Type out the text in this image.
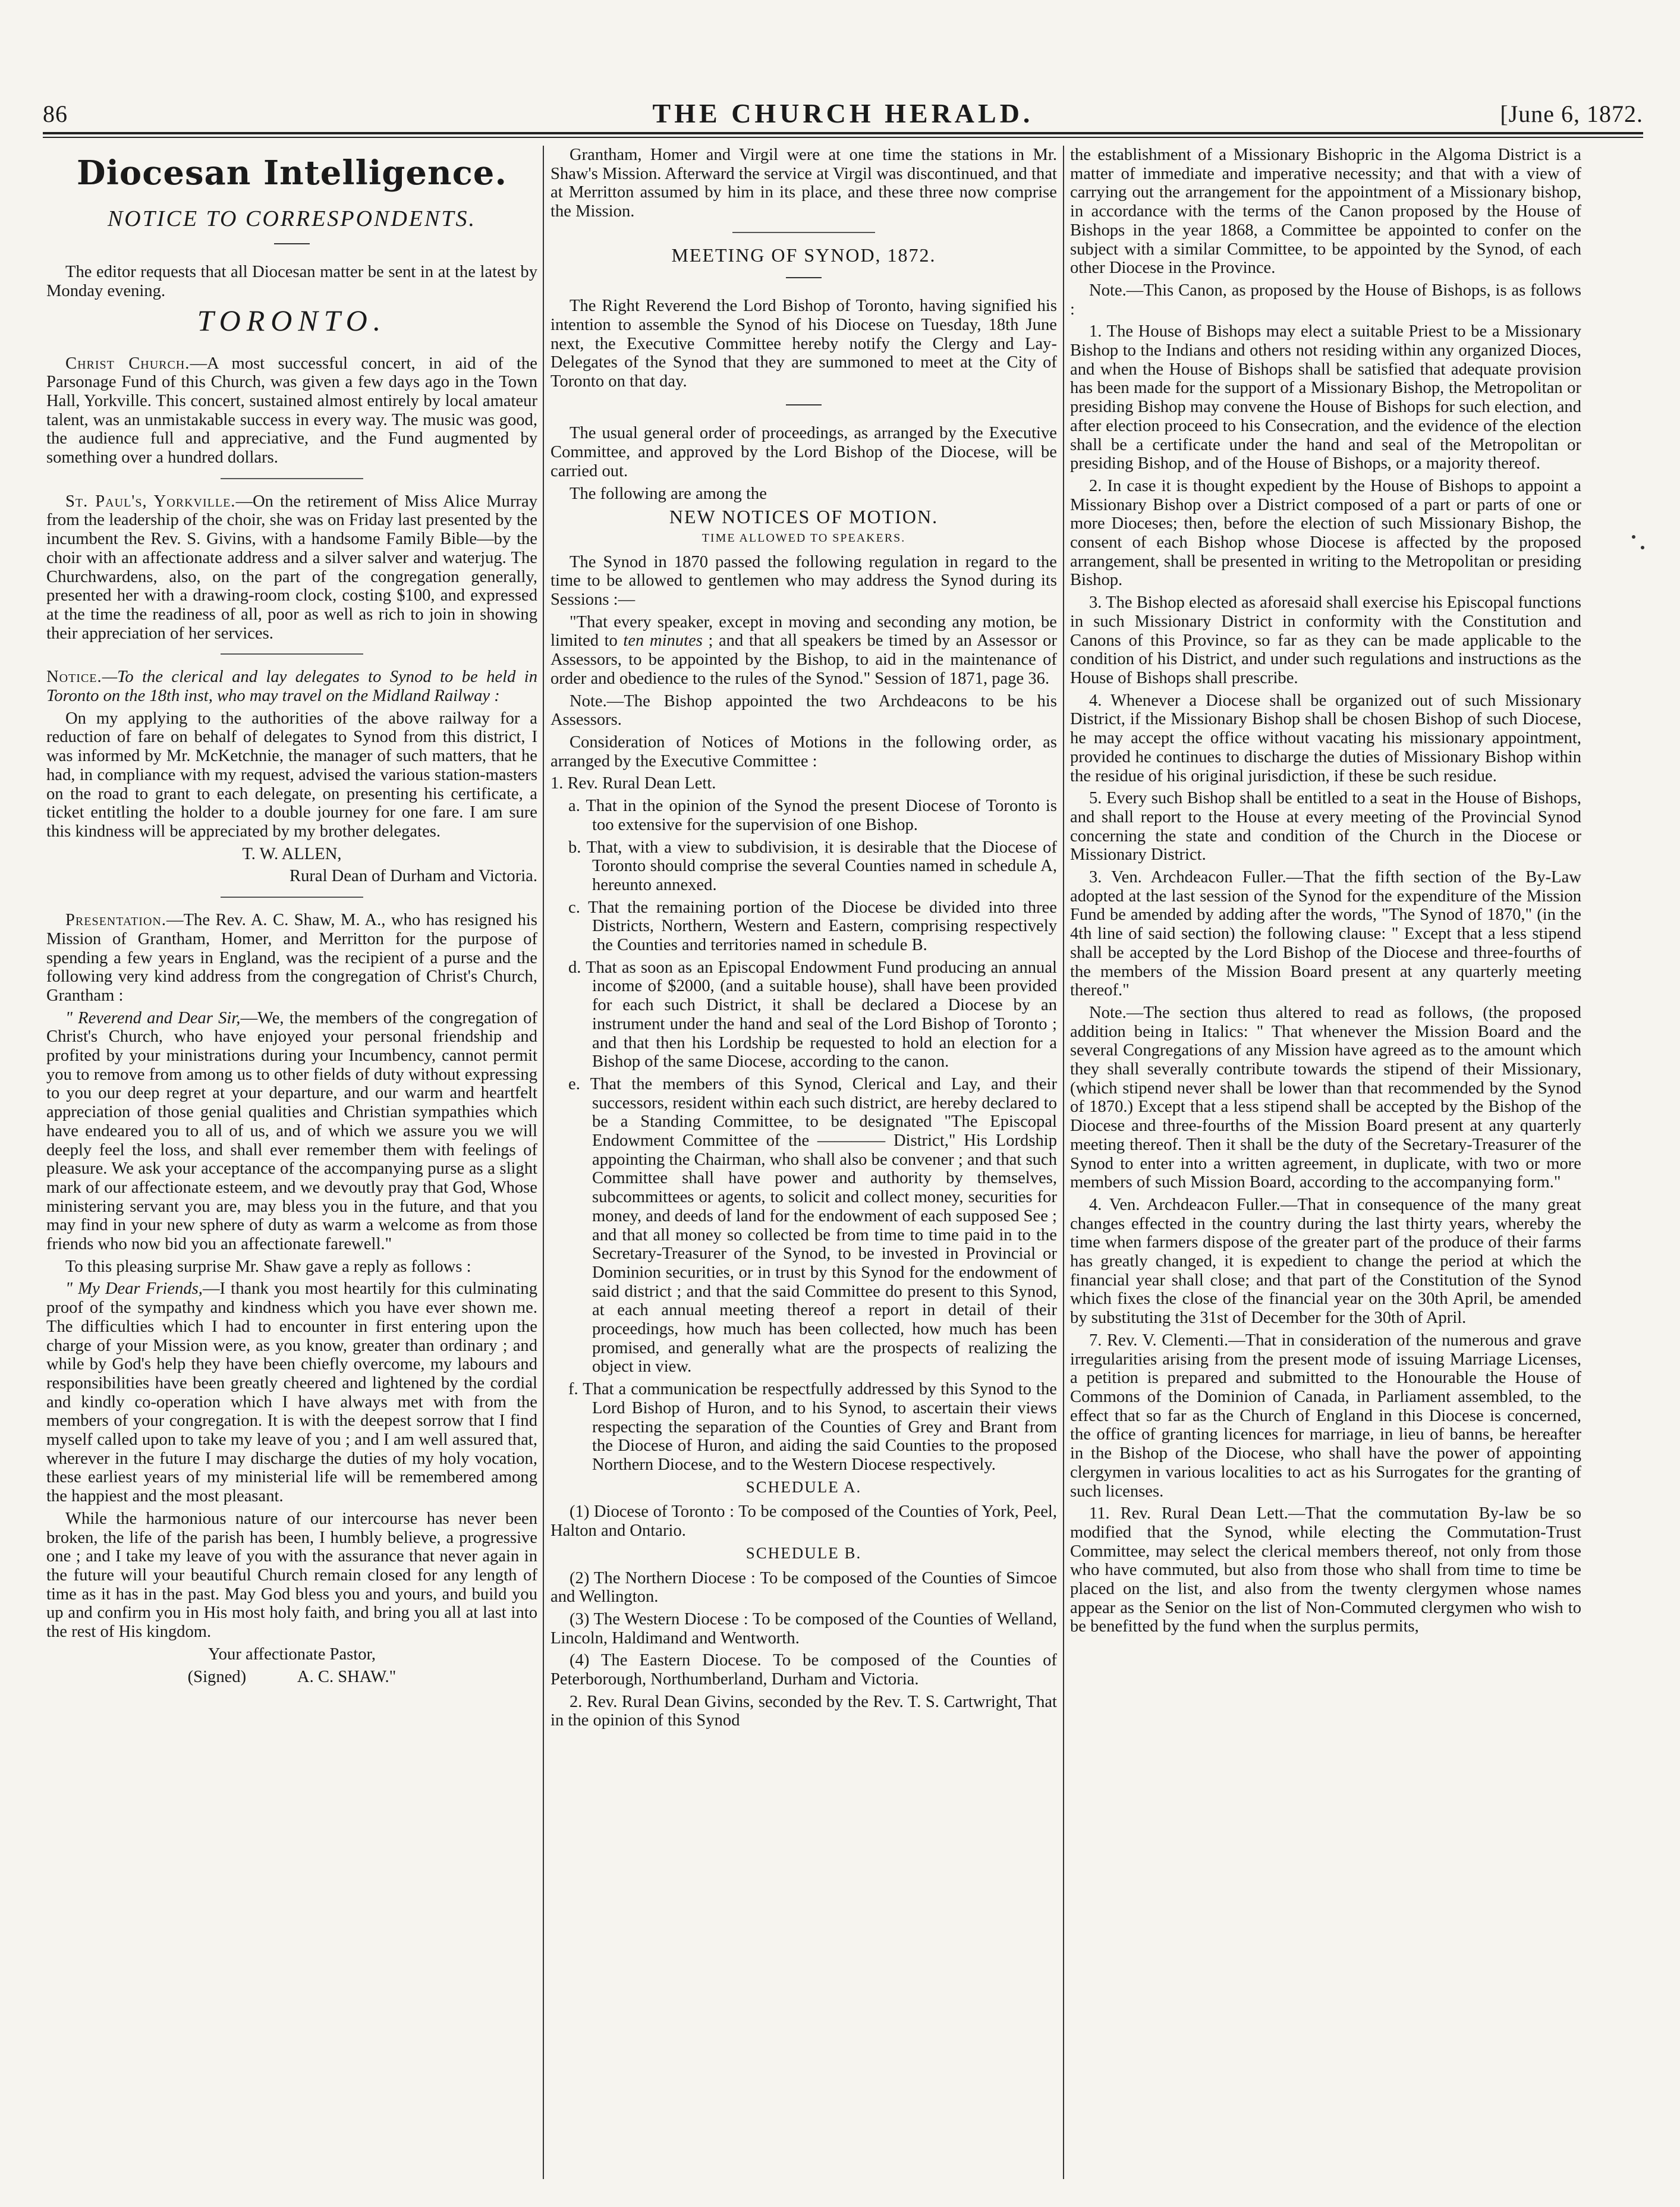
86	THE CHURCH HERALD.	[June 6, 1872.
Diocesan Intelligence.
NOTICE TO CORRESPONDENTS.

The editor requests that all Diocesan matter be sent in at the latest by Monday evening.

TORONTO.

Christ Church.—A most successful concert, in aid of the Parsonage Fund of this Church, was given a few days ago in the Town Hall, Yorkville. This concert, sustained almost entirely by local amateur talent, was an unmistakable success in every way. The music was good, the audience full and appreciative, and the Fund augmented by something over a hundred dollars.

St. Paul's, Yorkville.—On the retirement of Miss Alice Murray from the leadership of the choir, she was on Friday last presented by the incumbent the Rev. S. Givins, with a handsome Family Bible—by the choir with an affectionate address and a silver salver and waterjug. The Churchwardens, also, on the part of the congregation generally, presented her with a drawing-room clock, costing $100, and expressed at the time the readiness of all, poor as well as rich to join in showing their appreciation of her services.

Notice.—To the clerical and lay delegates to Synod to be held in Toronto on the 18th inst, who may travel on the Midland Railway :

On my applying to the authorities of the above railway for a reduction of fare on behalf of delegates to Synod from this district, I was informed by Mr. McKetchnie, the manager of such matters, that he had, in compliance with my request, advised the various station-masters on the road to grant to each delegate, on presenting his certificate, a ticket entitling the holder to a double journey for one fare. I am sure this kindness will be appreciated by my brother delegates.

T. W. ALLEN,

Rural Dean of Durham and Victoria.

Presentation.—The Rev. A. C. Shaw, M. A., who has resigned his Mission of Grantham, Homer, and Merritton for the purpose of spending a few years in England, was the recipient of a purse and the following very kind address from the congregation of Christ's Church, Grantham :

" Reverend and Dear Sir,—We, the members of the congregation of Christ's Church, who have enjoyed your personal friendship and profited by your ministrations during your Incumbency, cannot permit you to remove from among us to other fields of duty without expressing to you our deep regret at your departure, and our warm and heartfelt appreciation of those genial qualities and Christian sympathies which have endeared you to all of us, and of which we assure you we will deeply feel the loss, and shall ever remember them with feelings of pleasure. We ask your acceptance of the accompanying purse as a slight mark of our affectionate esteem, and we devoutly pray that God, Whose ministering servant you are, may bless you in the future, and that you may find in your new sphere of duty as warm a welcome as from those friends who now bid you an affectionate farewell."

To this pleasing surprise Mr. Shaw gave a reply as follows :

" My Dear Friends,—I thank you most heartily for this culminating proof of the sympathy and kindness which you have ever shown me. The difficulties which I had to encounter in first entering upon the charge of your Mission were, as you know, greater than ordinary ; and while by God's help they have been chiefly overcome, my labours and responsibilities have been greatly cheered and lightened by the cordial and kindly co-operation which I have always met with from the members of your congregation. It is with the deepest sorrow that I find myself called upon to take my leave of you ; and I am well assured that, wherever in the future I may discharge the duties of my holy vocation, these earliest years of my ministerial life will be remembered among the happiest and the most pleasant.

While the harmonious nature of our intercourse has never been broken, the life of the parish has been, I humbly believe, a progressive one ; and I take my leave of you with the assurance that never again in the future will your beautiful Church remain closed for any length of time as it has in the past. May God bless you and yours, and build you up and confirm you in His most holy faith, and bring you all at last into the rest of His kingdom.

Your affectionate Pastor,

(Signed)	A. C. SHAW."

Grantham, Homer and Virgil were at one time the stations in Mr. Shaw's Mission. Afterward the service at Virgil was discontinued, and that at Merritton assumed by him in its place, and these three now comprise the Mission.

MEETING OF SYNOD, 1872.

The Right Reverend the Lord Bishop of Toronto, having signified his intention to assemble the Synod of his Diocese on Tuesday, 18th June next, the Executive Committee hereby notify the Clergy and Lay-Delegates of the Synod that they are summoned to meet at the City of Toronto on that day.

The usual general order of proceedings, as arranged by the Executive Committee, and approved by the Lord Bishop of the Diocese, will be carried out.

The following are among the

NEW NOTICES OF MOTION.
TIME ALLOWED TO SPEAKERS.

The Synod in 1870 passed the following regulation in regard to the time to be allowed to gentlemen who may address the Synod during its Sessions :—

"That every speaker, except in moving and seconding any motion, be limited to ten minutes ; and that all speakers be timed by an Assessor or Assessors, to be appointed by the Bishop, to aid in the maintenance of order and obedience to the rules of the Synod." Session of 1871, page 36.

Note.—The Bishop appointed the two Archdeacons to be his Assessors.

Consideration of Notices of Motions in the following order, as arranged by the Executive Committee :

1. Rev. Rural Dean Lett.

a. That in the opinion of the Synod the present Diocese of Toronto is too extensive for the supervision of one Bishop.

b. That, with a view to subdivision, it is desirable that the Diocese of Toronto should comprise the several Counties named in schedule A, hereunto annexed.

c. That the remaining portion of the Diocese be divided into three Districts, Northern, Western and Eastern, comprising respectively the Counties and territories named in schedule B.

d. That as soon as an Episcopal Endowment Fund producing an annual income of $2000, (and a suitable house), shall have been provided for each such District, it shall be declared a Diocese by an instrument under the hand and seal of the Lord Bishop of Toronto ; and that then his Lordship be requested to hold an election for a Bishop of the same Diocese, according to the canon.

e. That the members of this Synod, Clerical and Lay, and their successors, resident within each such district, are hereby declared to be a Standing Committee, to be designated "The Episcopal Endowment Committee of the ———— District," His Lordship appointing the Chairman, who shall also be convener ; and that such Committee shall have power and authority by themselves, subcommittees or agents, to solicit and collect money, securities for money, and deeds of land for the endowment of each supposed See ; and that all money so collected be from time to time paid in to the Secretary-Treasurer of the Synod, to be invested in Provincial or Dominion securities, or in trust by this Synod for the endowment of said district ; and that the said Committee do present to this Synod, at each annual meeting thereof a report in detail of their proceedings, how much has been collected, how much has been promised, and generally what are the prospects of realizing the object in view.

f. That a communication be respectfully addressed by this Synod to the Lord Bishop of Huron, and to his Synod, to ascertain their views respecting the separation of the Counties of Grey and Brant from the Diocese of Huron, and aiding the said Counties to the proposed Northern Diocese, and to the Western Diocese respectively.

SCHEDULE A.

(1) Diocese of Toronto : To be composed of the Counties of York, Peel, Halton and Ontario.

SCHEDULE B.

(2) The Northern Diocese : To be composed of the Counties of Simcoe and Wellington.

(3) The Western Diocese : To be composed of the Counties of Welland, Lincoln, Haldimand and Wentworth.

(4) The Eastern Diocese. To be composed of the Counties of Peterborough, Northumberland, Durham and Victoria.

2. Rev. Rural Dean Givins, seconded by the Rev. T. S. Cartwright, That in the opinion of this Synod

the establishment of a Missionary Bishopric in the Algoma District is a matter of immediate and imperative necessity; and that with a view of carrying out the arrangement for the appointment of a Missionary bishop, in accordance with the terms of the Canon proposed by the House of Bishops in the year 1868, a Committee be appointed to confer on the subject with a similar Committee, to be appointed by the Synod, of each other Diocese in the Province.

Note.—This Canon, as proposed by the House of Bishops, is as follows :

1. The House of Bishops may elect a suitable Priest to be a Missionary Bishop to the Indians and others not residing within any organized Dioces, and when the House of Bishops shall be satisfied that adequate provision has been made for the support of a Missionary Bishop, the Metropolitan or presiding Bishop may convene the House of Bishops for such election, and after election proceed to his Consecration, and the evidence of the election shall be a certificate under the hand and seal of the Metropolitan or presiding Bishop, and of the House of Bishops, or a majority thereof.

2. In case it is thought expedient by the House of Bishops to appoint a Missionary Bishop over a District composed of a part or parts of one or more Dioceses; then, before the election of such Missionary Bishop, the consent of each Bishop whose Diocese is affected by the proposed arrangement, shall be presented in writing to the Metropolitan or presiding Bishop.

3. The Bishop elected as aforesaid shall exercise his Episcopal functions in such Missionary District in conformity with the Constitution and Canons of this Province, so far as they can be made applicable to the condition of his District, and under such regulations and instructions as the House of Bishops shall prescribe.

4. Whenever a Diocese shall be organized out of such Missionary District, if the Missionary Bishop shall be chosen Bishop of such Diocese, he may accept the office without vacating his missionary appointment, provided he continues to discharge the duties of Missionary Bishop within the residue of his original jurisdiction, if these be such residue.

5. Every such Bishop shall be entitled to a seat in the House of Bishops, and shall report to the House at every meeting of the Provincial Synod concerning the state and condition of the Church in the Diocese or Missionary District.

3. Ven. Archdeacon Fuller.—That the fifth section of the By-Law adopted at the last session of the Synod for the expenditure of the Mission Fund be amended by adding after the words, "The Synod of 1870," (in the 4th line of said section) the following clause: " Except that a less stipend shall be accepted by the Lord Bishop of the Diocese and three-fourths of the members of the Mission Board present at any quarterly meeting thereof."

Note.—The section thus altered to read as follows, (the proposed addition being in Italics: " That whenever the Mission Board and the several Congregations of any Mission have agreed as to the amount which they shall severally contribute towards the stipend of their Missionary, (which stipend never shall be lower than that recommended by the Synod of 1870.) Except that a less stipend shall be accepted by the Bishop of the Diocese and three-fourths of the Mission Board present at any quarterly meeting thereof. Then it shall be the duty of the Secretary-Treasurer of the Synod to enter into a written agreement, in duplicate, with two or more members of such Mission Board, according to the accompanying form."

4. Ven. Archdeacon Fuller.—That in consequence of the many great changes effected in the country during the last thirty years, whereby the time when farmers dispose of the greater part of the produce of their farms has greatly changed, it is expedient to change the period at which the financial year shall close; and that part of the Constitution of the Synod which fixes the close of the financial year on the 30th April, be amended by substituting the 31st of December for the 30th of April.

7. Rev. V. Clementi.—That in consideration of the numerous and grave irregularities arising from the present mode of issuing Marriage Licenses, a petition is prepared and submitted to the Honourable the House of Commons of the Dominion of Canada, in Parliament assembled, to the effect that so far as the Church of England in this Diocese is concerned, the office of granting licences for marriage, in lieu of banns, be hereafter in the Bishop of the Diocese, who shall have the power of appointing clergymen in various localities to act as his Surrogates for the granting of such licenses.

11. Rev. Rural Dean Lett.—That the commutation By-law be so modified that the Synod, while electing the Commutation-Trust Committee, may select the clerical members thereof, not only from those who have commuted, but also from those who shall from time to time be placed on the list, and also from the twenty clergymen whose names appear as the Senior on the list of Non-Commuted clergymen who wish to be benefitted by the fund when the surplus permits,
